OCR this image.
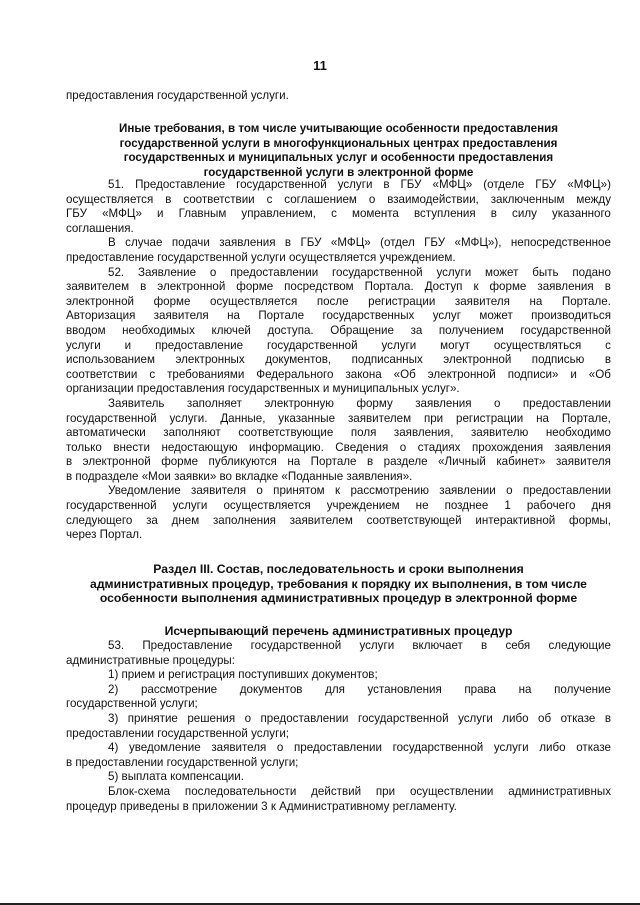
11
предоставления государственной услуги.
Иные требования, в том числе учитывающие особенности предоставления
государственной услуги в многофункциональных центрах предоставления
государственных и муниципальных услуг и особенности предоставления
государственной услуги в электронной форме
51. Предоставление государственной услуги в ГБУ «МФЦ» (отделе ГБУ «МФЦ»)
осуществляется в соответствии с соглашением о взаимодействии, заключенным между
ГБУ «МФЦ» и Главным управлением, с момента вступления в силу указанного
соглашения.
В случае подачи заявления в ГБУ «МФЦ» (отдел ГБУ «МФЦ»), непосредственное
предоставление государственной услуги осуществляется учреждением.
52. Заявление о предоставлении государственной услуги может быть подано
заявителем в электронной форме посредством Портала. Доступ к форме заявления в
электронной форме осуществляется после регистрации заявителя на Портале.
Авторизация заявителя на Портале государственных услуг может производиться
вводом необходимых ключей доступа. Обращение за получением государственной
услуги и предоставление государственной услуги могут осуществляться с
использованием электронных документов, подписанных электронной подписью в
соответствии с требованиями Федерального закона «Об электронной подписи» и «Об
организации предоставления государственных и муниципальных услуг».
Заявитель заполняет электронную форму заявления о предоставлении
государственной услуги. Данные, указанные заявителем при регистрации на Портале,
автоматически заполняют соответствующие поля заявления, заявителю необходимо
только внести недостающую информацию. Сведения о стадиях прохождения заявления
в электронной форме публикуются на Портале в разделе «Личный кабинет» заявителя
в подразделе «Мои заявки» во вкладке «Поданные заявления».
Уведомление заявителя о принятом к рассмотрению заявлении о предоставлении
государственной услуги осуществляется учреждением не позднее 1 рабочего дня
следующего за днем заполнения заявителем соответствующей интерактивной формы,
через Портал.
Раздел III. Состав, последовательность и сроки выполнения
административных процедур, требования к порядку их выполнения, в том числе
особенности выполнения административных процедур в электронной форме
Исчерпывающий перечень административных процедур
53. Предоставление государственной услуги включает в себя следующие
административные процедуры:
1) прием и регистрация поступивших документов;
2) рассмотрение документов для установления права на получение
государственной услуги;
3) принятие решения о предоставлении государственной услуги либо об отказе в
предоставлении государственной услуги;
4) уведомление заявителя о предоставлении государственной услуги либо отказе
в предоставлении государственной услуги;
5) выплата компенсации.
Блок-схема последовательности действий при осуществлении административных
процедур приведены в приложении 3 к Административному регламенту.
